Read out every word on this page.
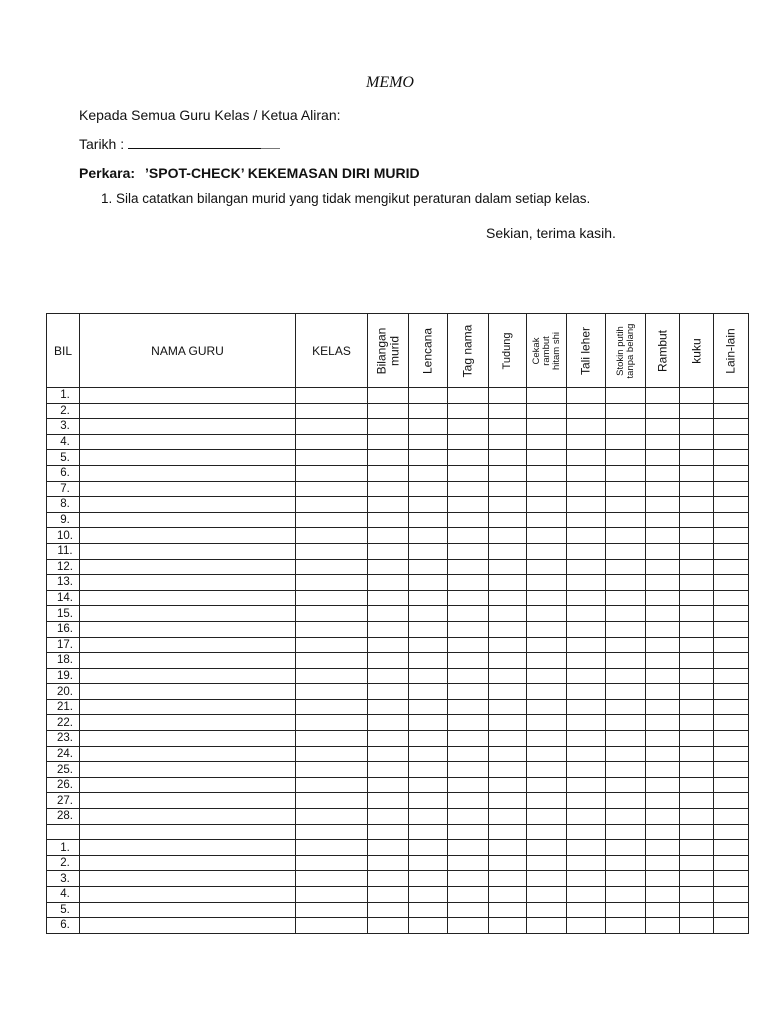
MEMO
Kepada Semua Guru Kelas / Ketua Aliran:
Tarikh :
Perkara: ’SPOT-CHECK’ KEKEMASAN DIRI MURID
1. Sila catatkan bilangan murid yang tidak mengikut peraturan dalam setiap kelas.
Sekian, terima kasih.
BIL	NAMA GURU	KELAS	Bilangan murid	Lencana	Tag nama	Tudung	Cekak rambut hitam shi	Tali leher	Stokin putih tanpa belang	Rambut	kuku	Lain-lain

1.												
2.												
3.												
4.												
5.												
6.												
7.												
8.												
9.												
10.												
11.												
12.												
13.												
14.												
15.												
16.												
17.												
18.												
19.												
20.												
21.												
22.												
23.												
24.												
25.												
26.												
27.												
28.												

1.												
2.												
3.												
4.												
5.												
6.												
